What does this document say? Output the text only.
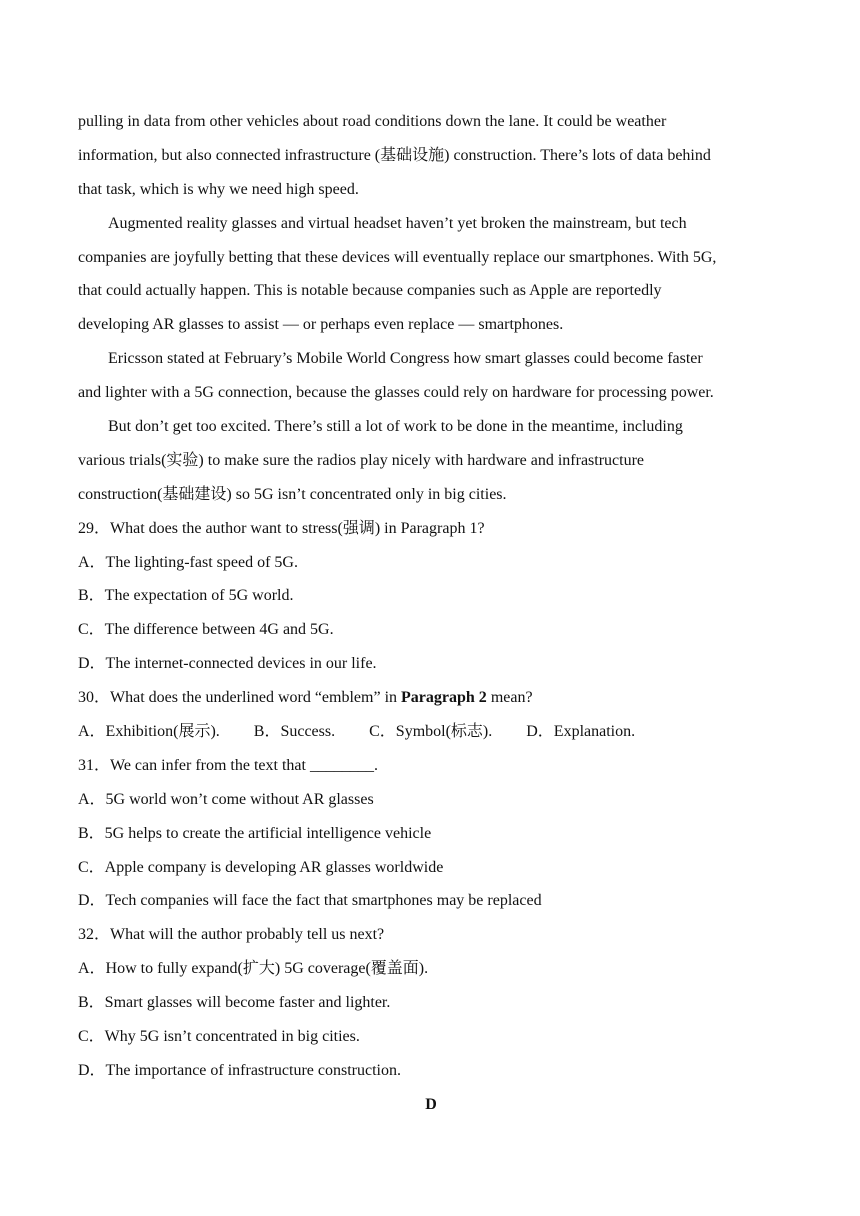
pulling in data from other vehicles about road conditions down the lane. It could be weather
information, but also connected infrastructure (基础设施) construction. There’s lots of data behind
that task, which is why we need high speed.
Augmented reality glasses and virtual headset haven’t yet broken the mainstream, but tech
companies are joyfully betting that these devices will eventually replace our smartphones. With 5G,
that could actually happen. This is notable because companies such as Apple are reportedly
developing AR glasses to assist — or perhaps even replace — smartphones.
Ericsson stated at February’s Mobile World Congress how smart glasses could become faster
and lighter with a 5G connection, because the glasses could rely on hardware for processing power.
But don’t get too excited. There’s still a lot of work to be done in the meantime, including
various trials(实验) to make sure the radios play nicely with hardware and infrastructure
construction(基础建设) so 5G isn’t concentrated only in big cities.
29．What does the author want to stress(强调) in Paragraph 1?
A．The lighting-fast speed of 5G.
B．The expectation of 5G world.
C．The difference between 4G and 5G.
D．The internet-connected devices in our life.
30．What does the underlined word “emblem” in Paragraph 2 mean?
A．Exhibition(展示). B．Success. C．Symbol(标志). D．Explanation.
31．We can infer from the text that ________.
A．5G world won’t come without AR glasses
B．5G helps to create the artificial intelligence vehicle
C．Apple company is developing AR glasses worldwide
D．Tech companies will face the fact that smartphones may be replaced
32．What will the author probably tell us next?
A．How to fully expand(扩大) 5G coverage(覆盖面).
B．Smart glasses will become faster and lighter.
C．Why 5G isn’t concentrated in big cities.
D．The importance of infrastructure construction.
D
